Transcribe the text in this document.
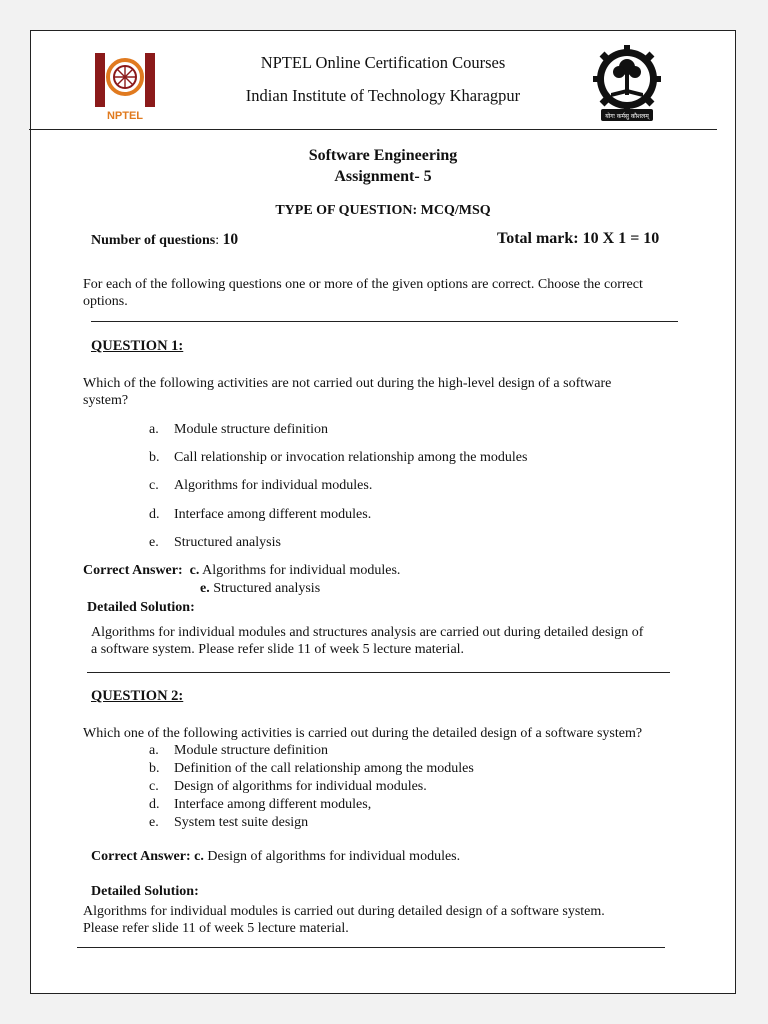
NPTEL	योगः कर्मसु कौशलम्
NPTEL Online Certification Courses
Indian Institute of Technology Kharagpur
Software Engineering
Assignment- 5
TYPE OF QUESTION: MCQ/MSQ
Number of questions: 10	Total mark: 10 X 1 = 10
For each of the following questions one or more of the given options are correct. Choose the correct
options.
QUESTION 1:
Which of the following activities are not carried out during the high-level design of a software
system?
a. Module structure definition
b. Call relationship or invocation relationship among the modules
c. Algorithms for individual modules.
d. Interface among different modules.
e. Structured analysis
Correct Answer: c. Algorithms for individual modules.
e. Structured analysis
Detailed Solution:
Algorithms for individual modules and structures analysis are carried out during detailed design of
a software system. Please refer slide 11 of week 5 lecture material.
QUESTION 2:
Which one of the following activities is carried out during the detailed design of a software system?
a. Module structure definition
b. Definition of the call relationship among the modules
c. Design of algorithms for individual modules.
d. Interface among different modules,
e. System test suite design
Correct Answer: c. Design of algorithms for individual modules.
Detailed Solution:
Algorithms for individual modules is carried out during detailed design of a software system.
Please refer slide 11 of week 5 lecture material.
